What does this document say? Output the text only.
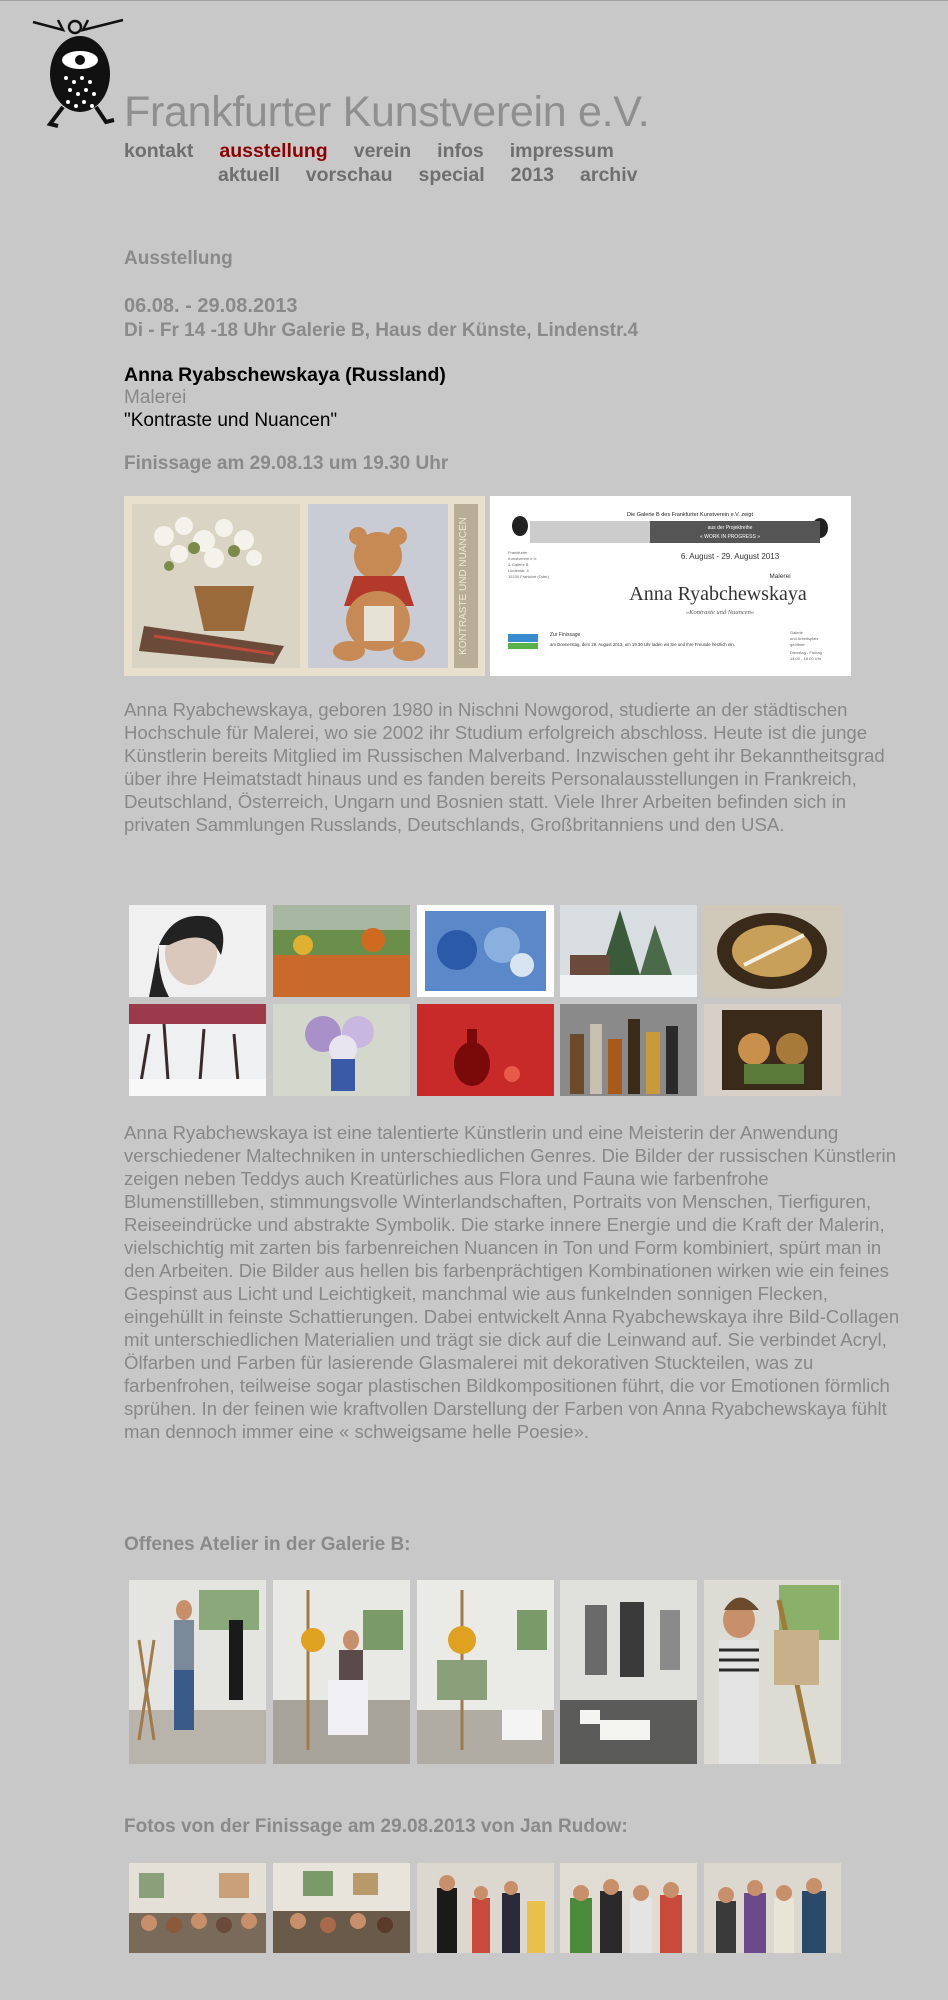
Frankfurter Kunstverein e.V.
kontakt ausstellung verein infos impressum
aktuell vorschau special 2013 archiv
Ausstellung
06.08. - 29.08.2013
Di - Fr 14 -18 Uhr Galerie B, Haus der Künste, Lindenstr.4
Anna Ryabschewskaya (Russland)
Malerei
"Kontraste und Nuancen"
Finissage am 29.08.13 um 19.30 Uhr
KONTRASTE UND NUANCEN
Die Galerie B des Frankfurter Kunstverein e.V. zeigt
aus der Projektreihe
« WORK IN PROGRESS »
6. August - 29. August 2013
Malerei
Anna Ryabchewskaya
»Kontraste und Nuancen«
Frankfurter
Kunstverein e.V.
& Galerie B
Lindenstr. 4
15230 Frankfurt (Oder)
Zur Finissage
am Donnerstag, dem 29. August 2013, um 19.30 Uhr laden wir Sie und Ihre Freunde herzlich ein.
Galerie
und Arbeitsplatz
geöffnet:
Dienstag - Freitag
14.00 - 18.00 Uhr
Anna Ryabchewskaya, geboren 1980 in Nischni Nowgorod, studierte an der städtischen Hochschule für Malerei, wo sie 2002 ihr Studium erfolgreich abschloss. Heute ist die junge Künstlerin bereits Mitglied im Russischen Malverband. Inzwischen geht ihr Bekanntheitsgrad über ihre Heimatstadt hinaus und es fanden bereits Personalausstellungen in Frankreich, Deutschland, Österreich, Ungarn und Bosnien statt. Viele Ihrer Arbeiten befinden sich in privaten Sammlungen Russlands, Deutschlands, Großbritanniens und den USA.
Anna Ryabchewskaya ist eine talentierte Künstlerin und eine Meisterin der Anwendung verschiedener Maltechniken in unterschiedlichen Genres. Die Bilder der russischen Künstlerin zeigen neben Teddys auch Kreatürliches aus Flora und Fauna wie farbenfrohe Blumenstillleben, stimmungsvolle Winterlandschaften, Portraits von Menschen, Tierfiguren, Reiseeindrücke und abstrakte Symbolik. Die starke innere Energie und die Kraft der Malerin, vielschichtig mit zarten bis farbenreichen Nuancen in Ton und Form kombiniert, spürt man in den Arbeiten. Die Bilder aus hellen bis farbenprächtigen Kombinationen wirken wie ein feines Gespinst aus Licht und Leichtigkeit, manchmal wie aus funkelnden sonnigen Flecken, eingehüllt in feinste Schattierungen. Dabei entwickelt Anna Ryabchewskaya ihre Bild-Collagen mit unterschiedlichen Materialien und trägt sie dick auf die Leinwand auf. Sie verbindet Acryl, Ölfarben und Farben für lasierende Glasmalerei mit dekorativen Stuckteilen, was zu farbenfrohen, teilweise sogar plastischen Bildkompositionen führt, die vor Emotionen förmlich sprühen. In der feinen wie kraftvollen Darstellung der Farben von Anna Ryabchewskaya fühlt man dennoch immer eine « schweigsame helle Poesie».
Offenes Atelier in der Galerie B:
Fotos von der Finissage am 29.08.2013 von Jan Rudow:
